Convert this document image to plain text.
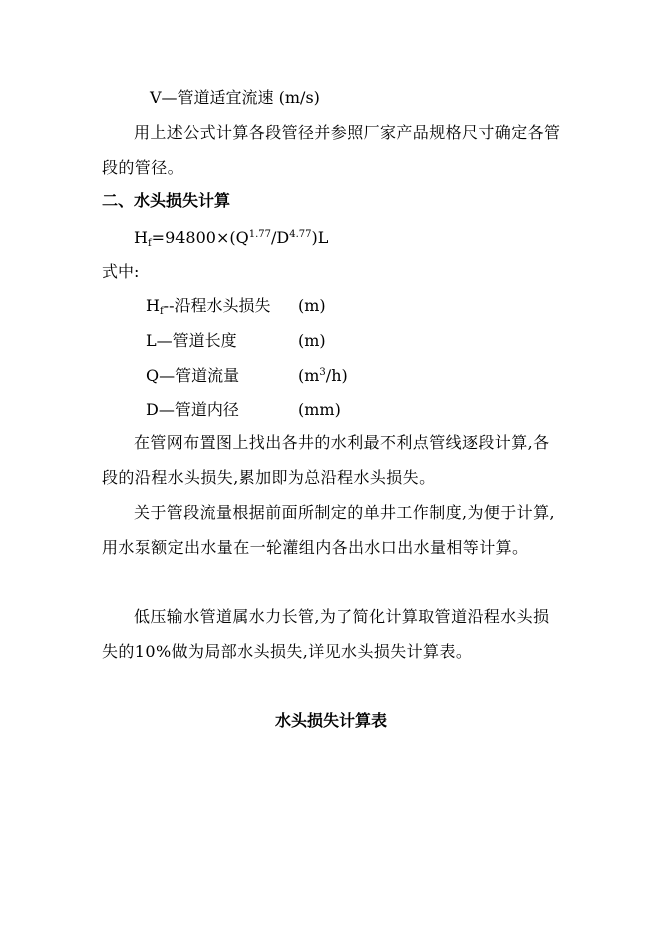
V—管道适宜流速 (m/s)
用上述公式计算各段管径并参照厂家产品规格尺寸确定各管段的管径。
二、水头损失计算
$H_f=94800\times(Q^{1.77}/D^{4.77})L$
式中:
$H_f--$沿程水头损失 (m)
L—管道长度	(m)
Q—管道流量	$(m^3/h)$
D—管道内径	(mm)
在管网布置图上找出各井的水利最不利点管线逐段计算,各段的沿程水头损失,累加即为总沿程水头损失。
关于管段流量根据前面所制定的单井工作制度,为便于计算,用水泵额定出水量在一轮灌组内各出水口出水量相等计算。
低压输水管道属水力长管,为了简化计算取管道沿程水头损失的10%做为局部水头损失,详见水头损失计算表。
水头损失计算表
